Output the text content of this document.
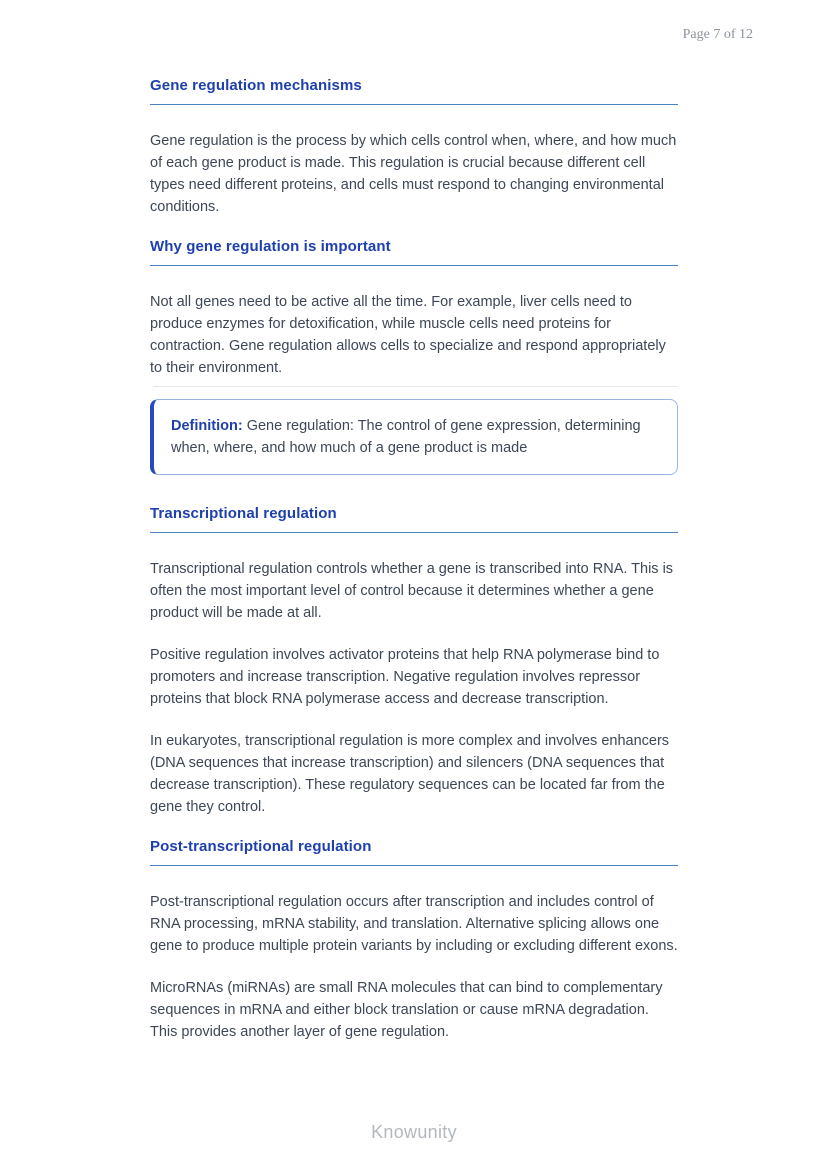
Page 7 of 12
Gene regulation mechanisms

Gene regulation is the process by which cells control when, where, and how much of each gene product is made. This regulation is crucial because different cell types need different proteins, and cells must respond to changing environmental conditions.

Why gene regulation is important

Not all genes need to be active all the time. For example, liver cells need to produce enzymes for detoxification, while muscle cells need proteins for contraction. Gene regulation allows cells to specialize and respond appropriately to their environment.

Definition: Gene regulation: The control of gene expression, determining when, where, and how much of a gene product is made

Transcriptional regulation

Transcriptional regulation controls whether a gene is transcribed into RNA. This is often the most important level of control because it determines whether a gene product will be made at all.

Positive regulation involves activator proteins that help RNA polymerase bind to promoters and increase transcription. Negative regulation involves repressor proteins that block RNA polymerase access and decrease transcription.

In eukaryotes, transcriptional regulation is more complex and involves enhancers (DNA sequences that increase transcription) and silencers (DNA sequences that decrease transcription). These regulatory sequences can be located far from the gene they control.

Post-transcriptional regulation

Post-transcriptional regulation occurs after transcription and includes control of RNA processing, mRNA stability, and translation. Alternative splicing allows one gene to produce multiple protein variants by including or excluding different exons.

MicroRNAs (miRNAs) are small RNA molecules that can bind to complementary sequences in mRNA and either block translation or cause mRNA degradation. This provides another layer of gene regulation.

Knowunity
